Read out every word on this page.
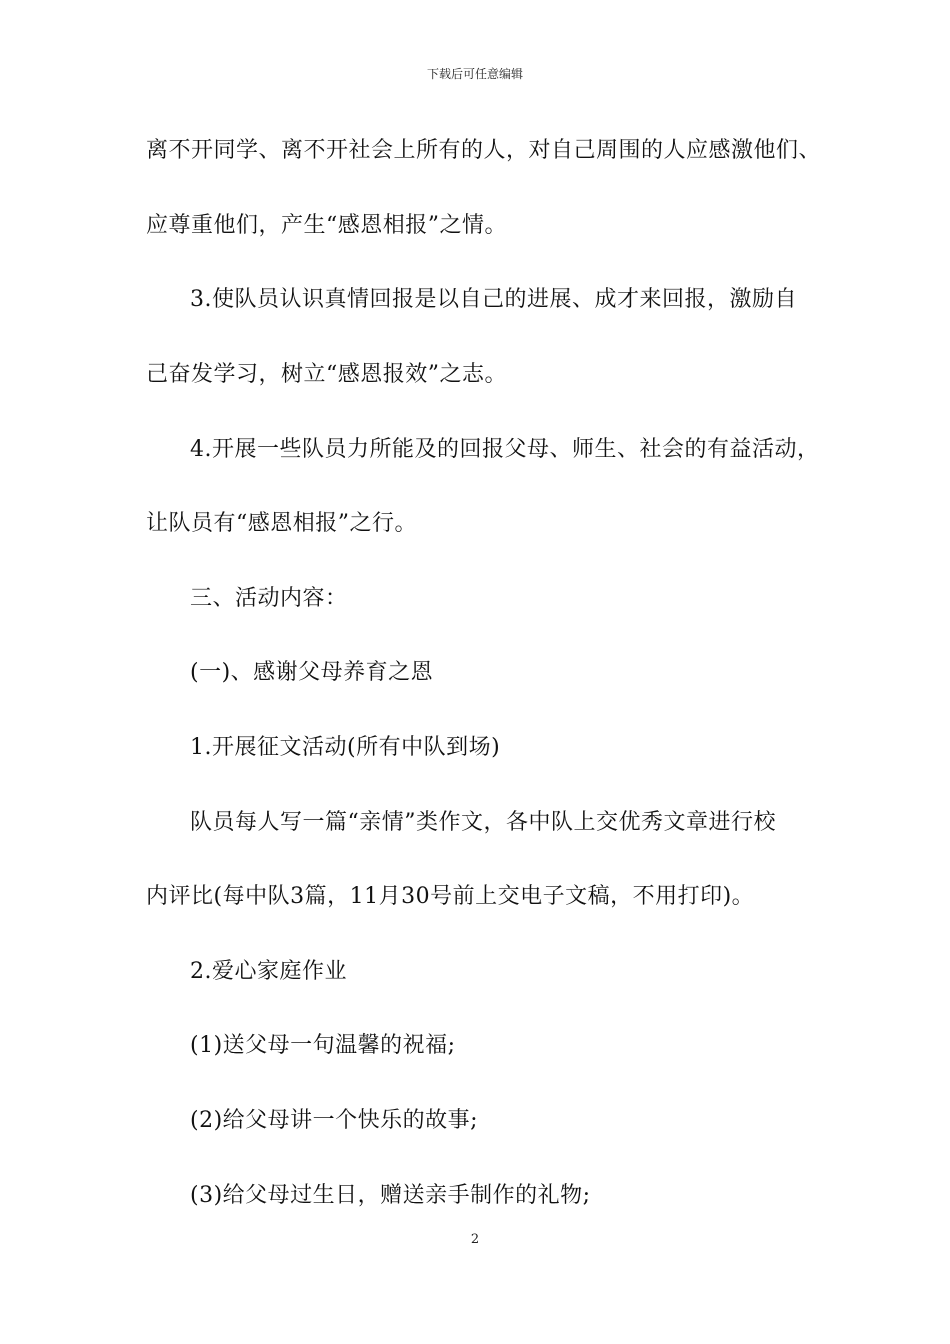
下载后可任意编辑
离不开同学、离不开社会上所有的人，对自己周围的人应感激他们、
应尊重他们，产生“感恩相报”之情。
3.使队员认识真情回报是以自己的进展、成才来回报，激励自
己奋发学习，树立“感恩报效”之志。
4.开展一些队员力所能及的回报父母、师生、社会的有益活动，
让队员有“感恩相报”之行。
三、活动内容：
(一)、感谢父母养育之恩
1.开展征文活动(所有中队到场)
队员每人写一篇“亲情”类作文，各中队上交优秀文章进行校
内评比(每中队3篇，11月30号前上交电子文稿，不用打印)。
2.爱心家庭作业
(1)送父母一句温馨的祝福;
(2)给父母讲一个快乐的故事;
(3)给父母过生日，赠送亲手制作的礼物;
2
